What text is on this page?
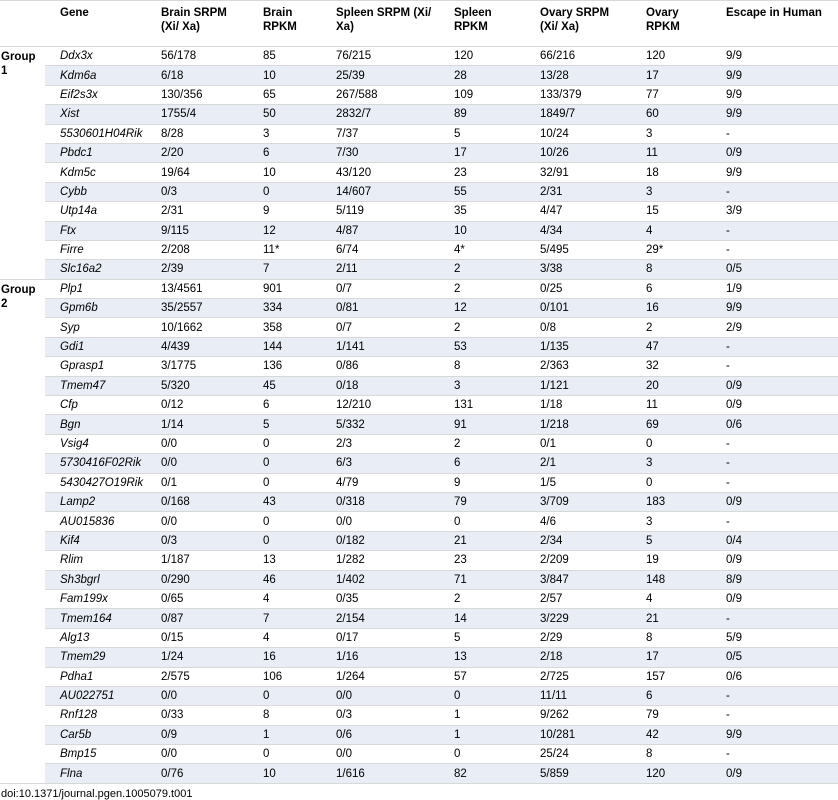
	Gene	Brain SRPM (Xi/ Xa)	Brain RPKM	Spleen SRPM (Xi/ Xa)	Spleen RPKM	Ovary SRPM (Xi/ Xa)	Ovary RPKM	Escape in Human
Group 1	Ddx3x	56/178	85	76/215	120	66/216	120	9/9
	Kdm6a	6/18	10	25/39	28	13/28	17	9/9
	Eif2s3x	130/356	65	267/588	109	133/379	77	9/9
	Xist	1755/4	50	2832/7	89	1849/7	60	9/9
	5530601H04Rik	8/28	3	7/37	5	10/24	3	-
	Pbdc1	2/20	6	7/30	17	10/26	11	0/9
	Kdm5c	19/64	10	43/120	23	32/91	18	9/9
	Cybb	0/3	0	14/607	55	2/31	3	-
	Utp14a	2/31	9	5/119	35	4/47	15	3/9
	Ftx	9/115	12	4/87	10	4/34	4	-
	Firre	2/208	11*	6/74	4*	5/495	29*	-
	Slc16a2	2/39	7	2/11	2	3/38	8	0/5
Group 2	Plp1	13/4561	901	0/7	2	0/25	6	1/9
	Gpm6b	35/2557	334	0/81	12	0/101	16	9/9
	Syp	10/1662	358	0/7	2	0/8	2	2/9
	Gdi1	4/439	144	1/141	53	1/135	47	-
	Gprasp1	3/1775	136	0/86	8	2/363	32	-
	Tmem47	5/320	45	0/18	3	1/121	20	0/9
	Cfp	0/12	6	12/210	131	1/18	11	0/9
	Bgn	1/14	5	5/332	91	1/218	69	0/6
	Vsig4	0/0	0	2/3	2	0/1	0	-
	5730416F02Rik	0/0	0	6/3	6	2/1	3	-
	5430427O19Rik	0/1	0	4/79	9	1/5	0	-
	Lamp2	0/168	43	0/318	79	3/709	183	0/9
	AU015836	0/0	0	0/0	0	4/6	3	-
	Kif4	0/3	0	0/182	21	2/34	5	0/4
	Rlim	1/187	13	1/282	23	2/209	19	0/9
	Sh3bgrl	0/290	46	1/402	71	3/847	148	8/9
	Fam199x	0/65	4	0/35	2	2/57	4	0/9
	Tmem164	0/87	7	2/154	14	3/229	21	-
	Alg13	0/15	4	0/17	5	2/29	8	5/9
	Tmem29	1/24	16	1/16	13	2/18	17	0/5
	Pdha1	2/575	106	1/264	57	2/725	157	0/6
	AU022751	0/0	0	0/0	0	11/11	6	-
	Rnf128	0/33	8	0/3	1	9/262	79	-
	Car5b	0/9	1	0/6	1	10/281	42	9/9
	Bmp15	0/0	0	0/0	0	25/24	8	-
	Flna	0/76	10	1/616	82	5/859	120	0/9
doi:10.1371/journal.pgen.1005079.t001
